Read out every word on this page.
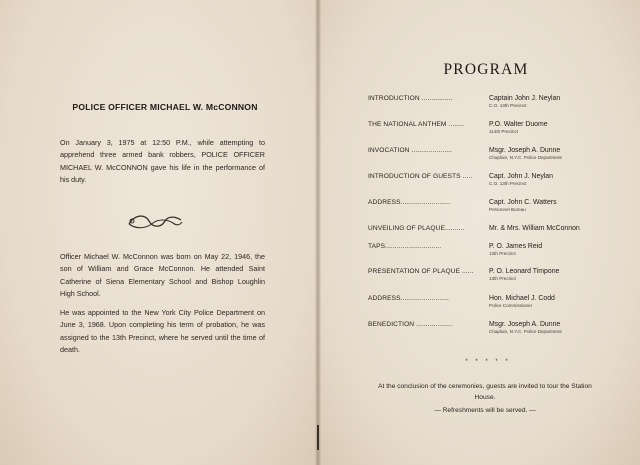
POLICE OFFICER MICHAEL W. McCONNON

On January 3, 1975 at 12:50 P.M., while attempting to apprehend three armed bank robbers, POLICE OFFICER MICHAEL W. McCONNON gave his life in the performance of his duty.

Officer Michael W. McConnon was born on May 22, 1946, the son of William and Grace McConnon. He attended Saint Catherine of Siena Elementary School and Bishop Loughlin High School.

He was appointed to the New York City Police Department on June 3, 1968. Upon completing his term of probation, he was assigned to the 13th Precinct, where he served until the time of death.

PROGRAM
INTRODUCTION ................	Captain John J. Neylan
C.O. 13th Precinct
THE NATIONAL ANTHEM ........	P.O. Walter Duome
114th Precinct
INVOCATION .....................	Msgr. Joseph A. Dunne
Chaplain, N.Y.C. Police Department
INTRODUCTION OF GUESTS ..... Capt. John J. Neylan
C.O. 13th Precinct
ADDRESS..........................	Capt. John C. Watters
Personnel Bureau
UNVEILING OF PLAQUE..........	Mr. & Mrs. William McConnon
TAPS.............................	P. O. James Reid
13th Precinct
PRESENTATION OF PLAQUE ...... P. O. Leonard Timpone
13th Precinct
ADDRESS.........................	Hon. Michael J. Codd
Police Commissioner
BENEDICTION ...................	Msgr. Joseph A. Dunne
Chaplain, N.Y.C. Police Department
* * * * *
At the conclusion of the ceremonies, guests are invited to tour the Station House.
— Refreshments will be served. —
